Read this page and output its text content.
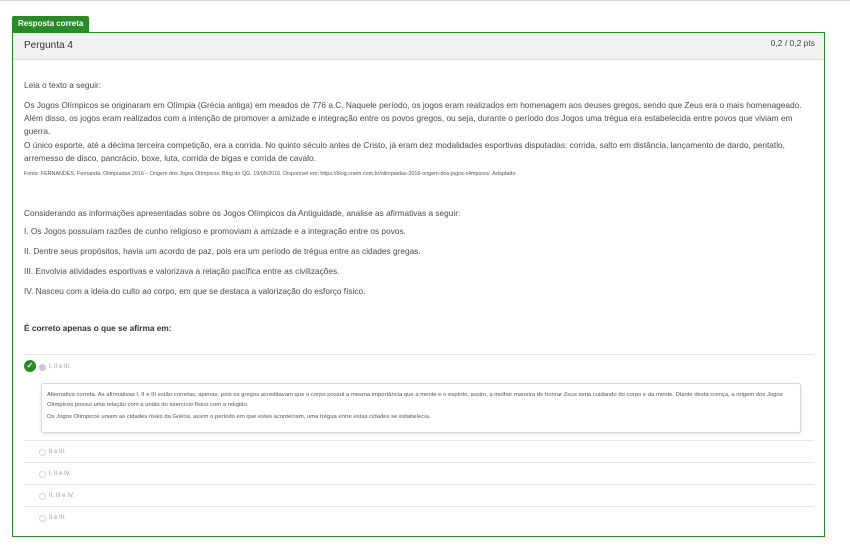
Resposta correta
Pergunta 4	0,2 / 0,2 pts

Leia o texto a seguir:

Os Jogos Olímpicos se originaram em Olímpia (Grécia antiga) em meados de 776 a.C. Naquele período, os jogos eram realizados em homenagem aos deuses gregos, sendo que Zeus era o mais homenageado. Além disso, os jogos eram realizados com a intenção de promover a amizade e integração entre os povos gregos, ou seja, durante o período dos Jogos uma trégua era estabelecida entre povos que viviam em guerra.

O único esporte, até a décima terceira competição, era a corrida. No quinto século antes de Cristo, já eram dez modalidades esportivas disputadas: corrida, salto em distância, lançamento de dardo, pentatlo, arremesso de disco, pancrácio, boxe, luta, corrida de bigas e corrida de cavalo.

Fonte: FERNANDES, Fernanda. Olimpíadas 2016 – Origem dos Jogos Olímpicos. Blog do QG. 19/05/2016. Disponível em: https://blog.cnem.com.br/olimpiadas-2016-origem-dos-jogos-olimpicos/. Adaptado.

Considerando as informações apresentadas sobre os Jogos Olímpicos da Antiguidade, analise as afirmativas a seguir:

I. Os Jogos possuíam razões de cunho religioso e promoviam a amizade e a integração entre os povos.

II. Dentre seus propósitos, havia um acordo de paz, pois era um período de trégua entre as cidades gregas.

III. Envolvia atividades esportivas e valorizava a relação pacífica entre as civilizações.

IV. Nasceu com a ideia do culto ao corpo, em que se destaca a valorização do esforço físico.

É correto apenas o que se afirma em:

✓	I, II e III.

Alternativa correta. As afirmativas I, II e III estão corretas, apenas, pois os gregos acreditavam que o corpo possui a mesma importância que a mente e o espírito, assim, a melhor maneira de honrar Zeus seria cuidando do corpo e da mente. Diante desta crença, a origem dos Jogos Olímpicos possui uma relação com a união do exercício físico com a religião.

Os Jogos Olímpicos uniam as cidades rivais da Grécia, assim o período em que estes aconteciam, uma trégua entre estas cidades se estabelecia.

II e III.
I, II e IV.
II, III e IV.
II e III.
